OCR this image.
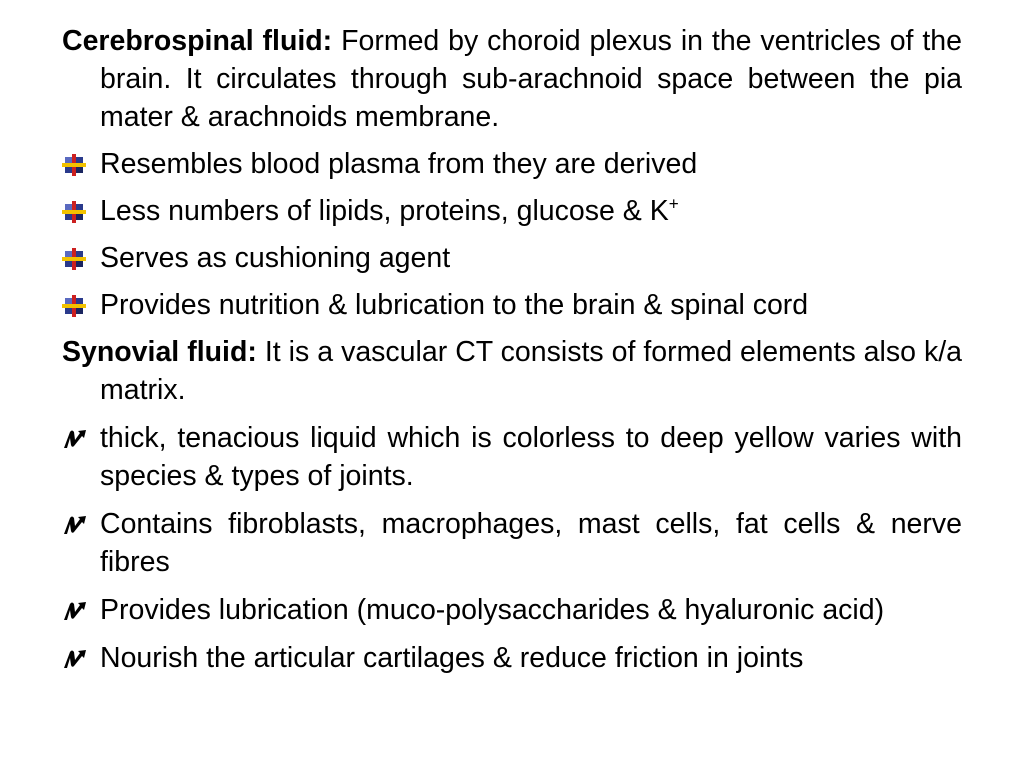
Cerebrospinal fluid: Formed by choroid plexus in the ventricles of the brain. It circulates through sub-arachnoid space between the pia mater & arachnoids membrane.

Resembles blood plasma from they are derived
Less numbers of lipids, proteins, glucose & K+
Serves as cushioning agent
Provides nutrition & lubrication to the brain & spinal cord

Synovial fluid: It is a vascular CT consists of formed elements also k/a matrix.

thick, tenacious liquid which is colorless to deep yellow varies with species & types of joints.
Contains fibroblasts, macrophages, mast cells, fat cells & nerve fibres
Provides lubrication (muco-polysaccharides & hyaluronic acid)
Nourish the articular cartilages & reduce friction in joints
